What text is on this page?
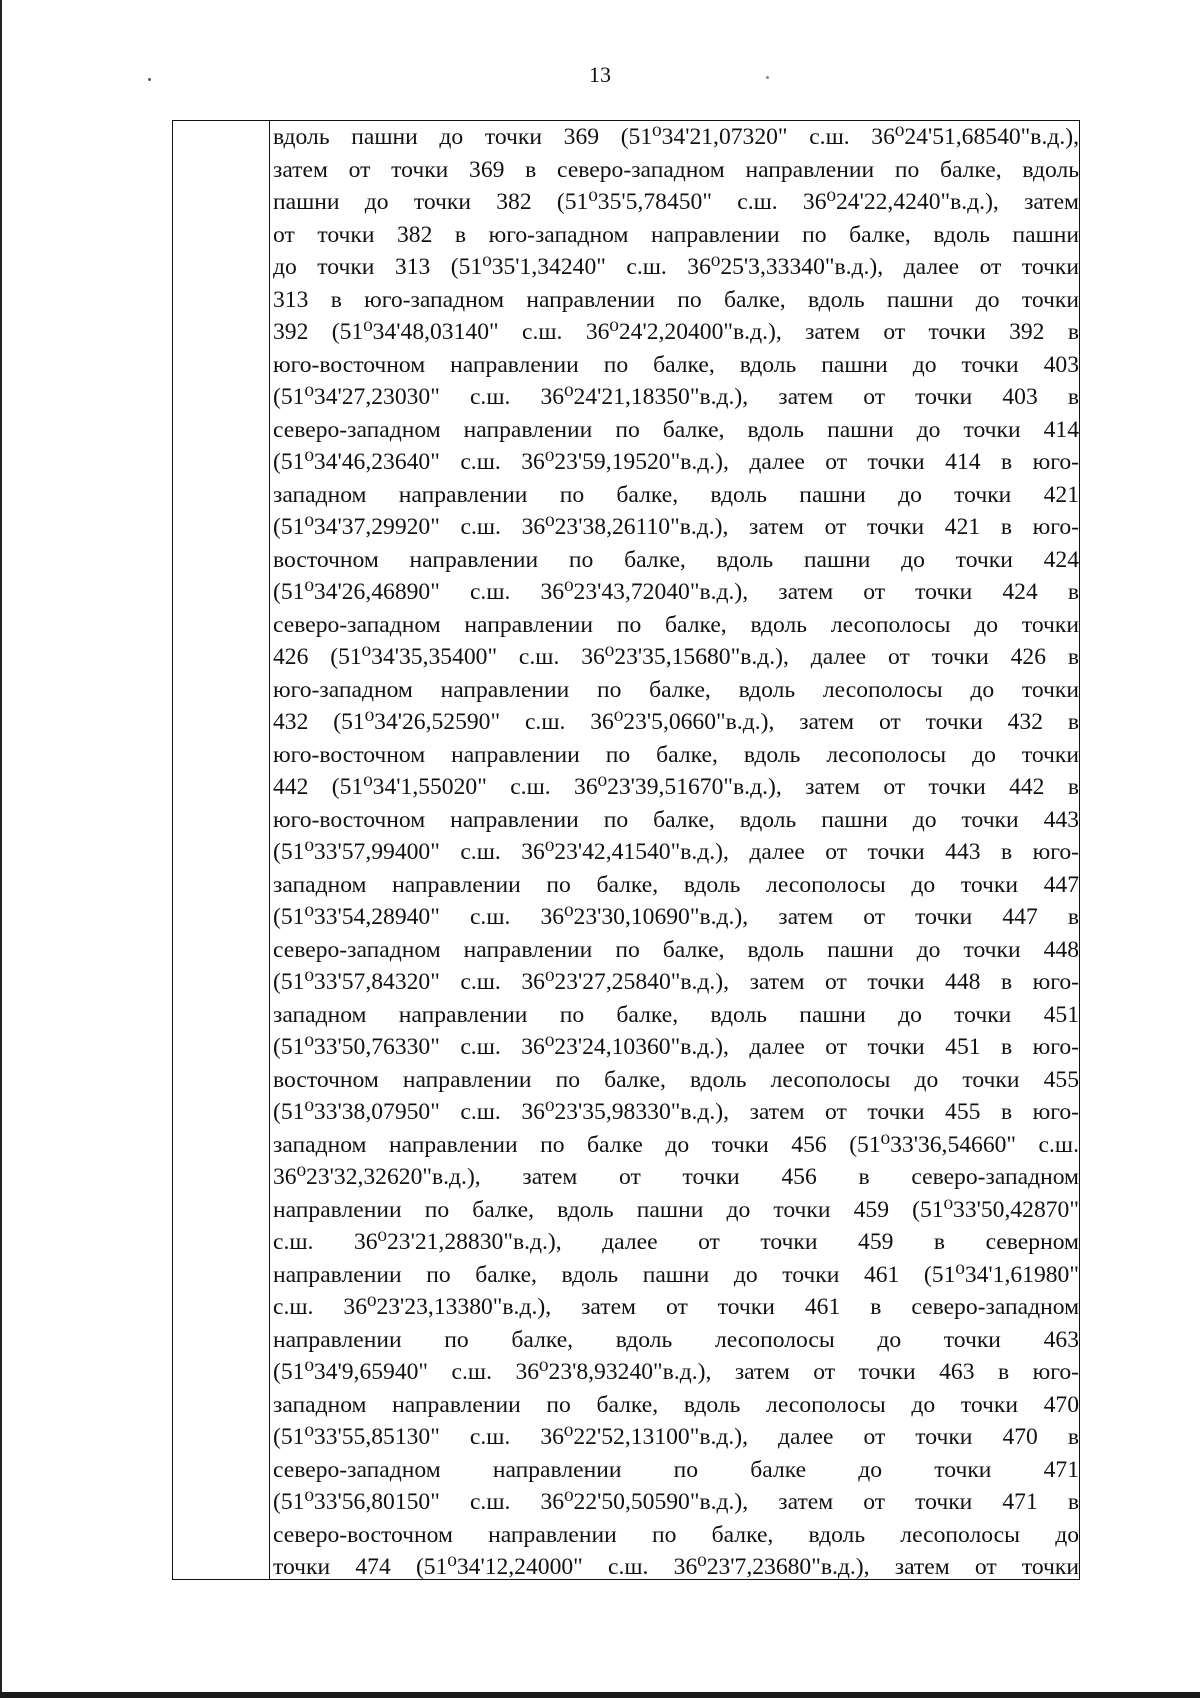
13
вдоль пашни до точки 369 (51⁰34'21,07320" с.ш. 36⁰24'51,68540"в.д.),
затем от точки 369 в северо-западном направлении по балке, вдоль
пашни до точки 382 (51⁰35'5,78450" с.ш. 36⁰24'22,4240"в.д.), затем
от точки 382 в юго-западном направлении по балке, вдоль пашни
до точки 313 (51⁰35'1,34240" с.ш. 36⁰25'3,33340"в.д.), далее от точки
313 в юго-западном направлении по балке, вдоль пашни до точки
392 (51⁰34'48,03140" с.ш. 36⁰24'2,20400"в.д.), затем от точки 392 в
юго-восточном направлении по балке, вдоль пашни до точки 403
(51⁰34'27,23030" с.ш. 36⁰24'21,18350"в.д.), затем от точки 403 в
северо-западном направлении по балке, вдоль пашни до точки 414
(51⁰34'46,23640" с.ш. 36⁰23'59,19520"в.д.), далее от точки 414 в юго-
западном направлении по балке, вдоль пашни до точки 421
(51⁰34'37,29920" с.ш. 36⁰23'38,26110"в.д.), затем от точки 421 в юго-
восточном направлении по балке, вдоль пашни до точки 424
(51⁰34'26,46890" с.ш. 36⁰23'43,72040"в.д.), затем от точки 424 в
северо-западном направлении по балке, вдоль лесополосы до точки
426 (51⁰34'35,35400" с.ш. 36⁰23'35,15680"в.д.), далее от точки 426 в
юго-западном направлении по балке, вдоль лесополосы до точки
432 (51⁰34'26,52590" с.ш. 36⁰23'5,0660"в.д.), затем от точки 432 в
юго-восточном направлении по балке, вдоль лесополосы до точки
442 (51⁰34'1,55020" с.ш. 36⁰23'39,51670"в.д.), затем от точки 442 в
юго-восточном направлении по балке, вдоль пашни до точки 443
(51⁰33'57,99400" с.ш. 36⁰23'42,41540"в.д.), далее от точки 443 в юго-
западном направлении по балке, вдоль лесополосы до точки 447
(51⁰33'54,28940" с.ш. 36⁰23'30,10690"в.д.), затем от точки 447 в
северо-западном направлении по балке, вдоль пашни до точки 448
(51⁰33'57,84320" с.ш. 36⁰23'27,25840"в.д.), затем от точки 448 в юго-
западном направлении по балке, вдоль пашни до точки 451
(51⁰33'50,76330" с.ш. 36⁰23'24,10360"в.д.), далее от точки 451 в юго-
восточном направлении по балке, вдоль лесополосы до точки 455
(51⁰33'38,07950" с.ш. 36⁰23'35,98330"в.д.), затем от точки 455 в юго-
западном направлении по балке до точки 456 (51⁰33'36,54660" с.ш.
36⁰23'32,32620"в.д.), затем от точки 456 в северо-западном
направлении по балке, вдоль пашни до точки 459 (51⁰33'50,42870"
с.ш. 36⁰23'21,28830"в.д.), далее от точки 459 в северном
направлении по балке, вдоль пашни до точки 461 (51⁰34'1,61980"
с.ш. 36⁰23'23,13380"в.д.), затем от точки 461 в северо-западном
направлении по балке, вдоль лесополосы до точки 463
(51⁰34'9,65940" с.ш. 36⁰23'8,93240"в.д.), затем от точки 463 в юго-
западном направлении по балке, вдоль лесополосы до точки 470
(51⁰33'55,85130" с.ш. 36⁰22'52,13100"в.д.), далее от точки 470 в
северо-западном направлении по балке до точки 471
(51⁰33'56,80150" с.ш. 36⁰22'50,50590"в.д.), затем от точки 471 в
северо-восточном направлении по балке, вдоль лесополосы до
точки 474 (51⁰34'12,24000" с.ш. 36⁰23'7,23680"в.д.), затем от точки
